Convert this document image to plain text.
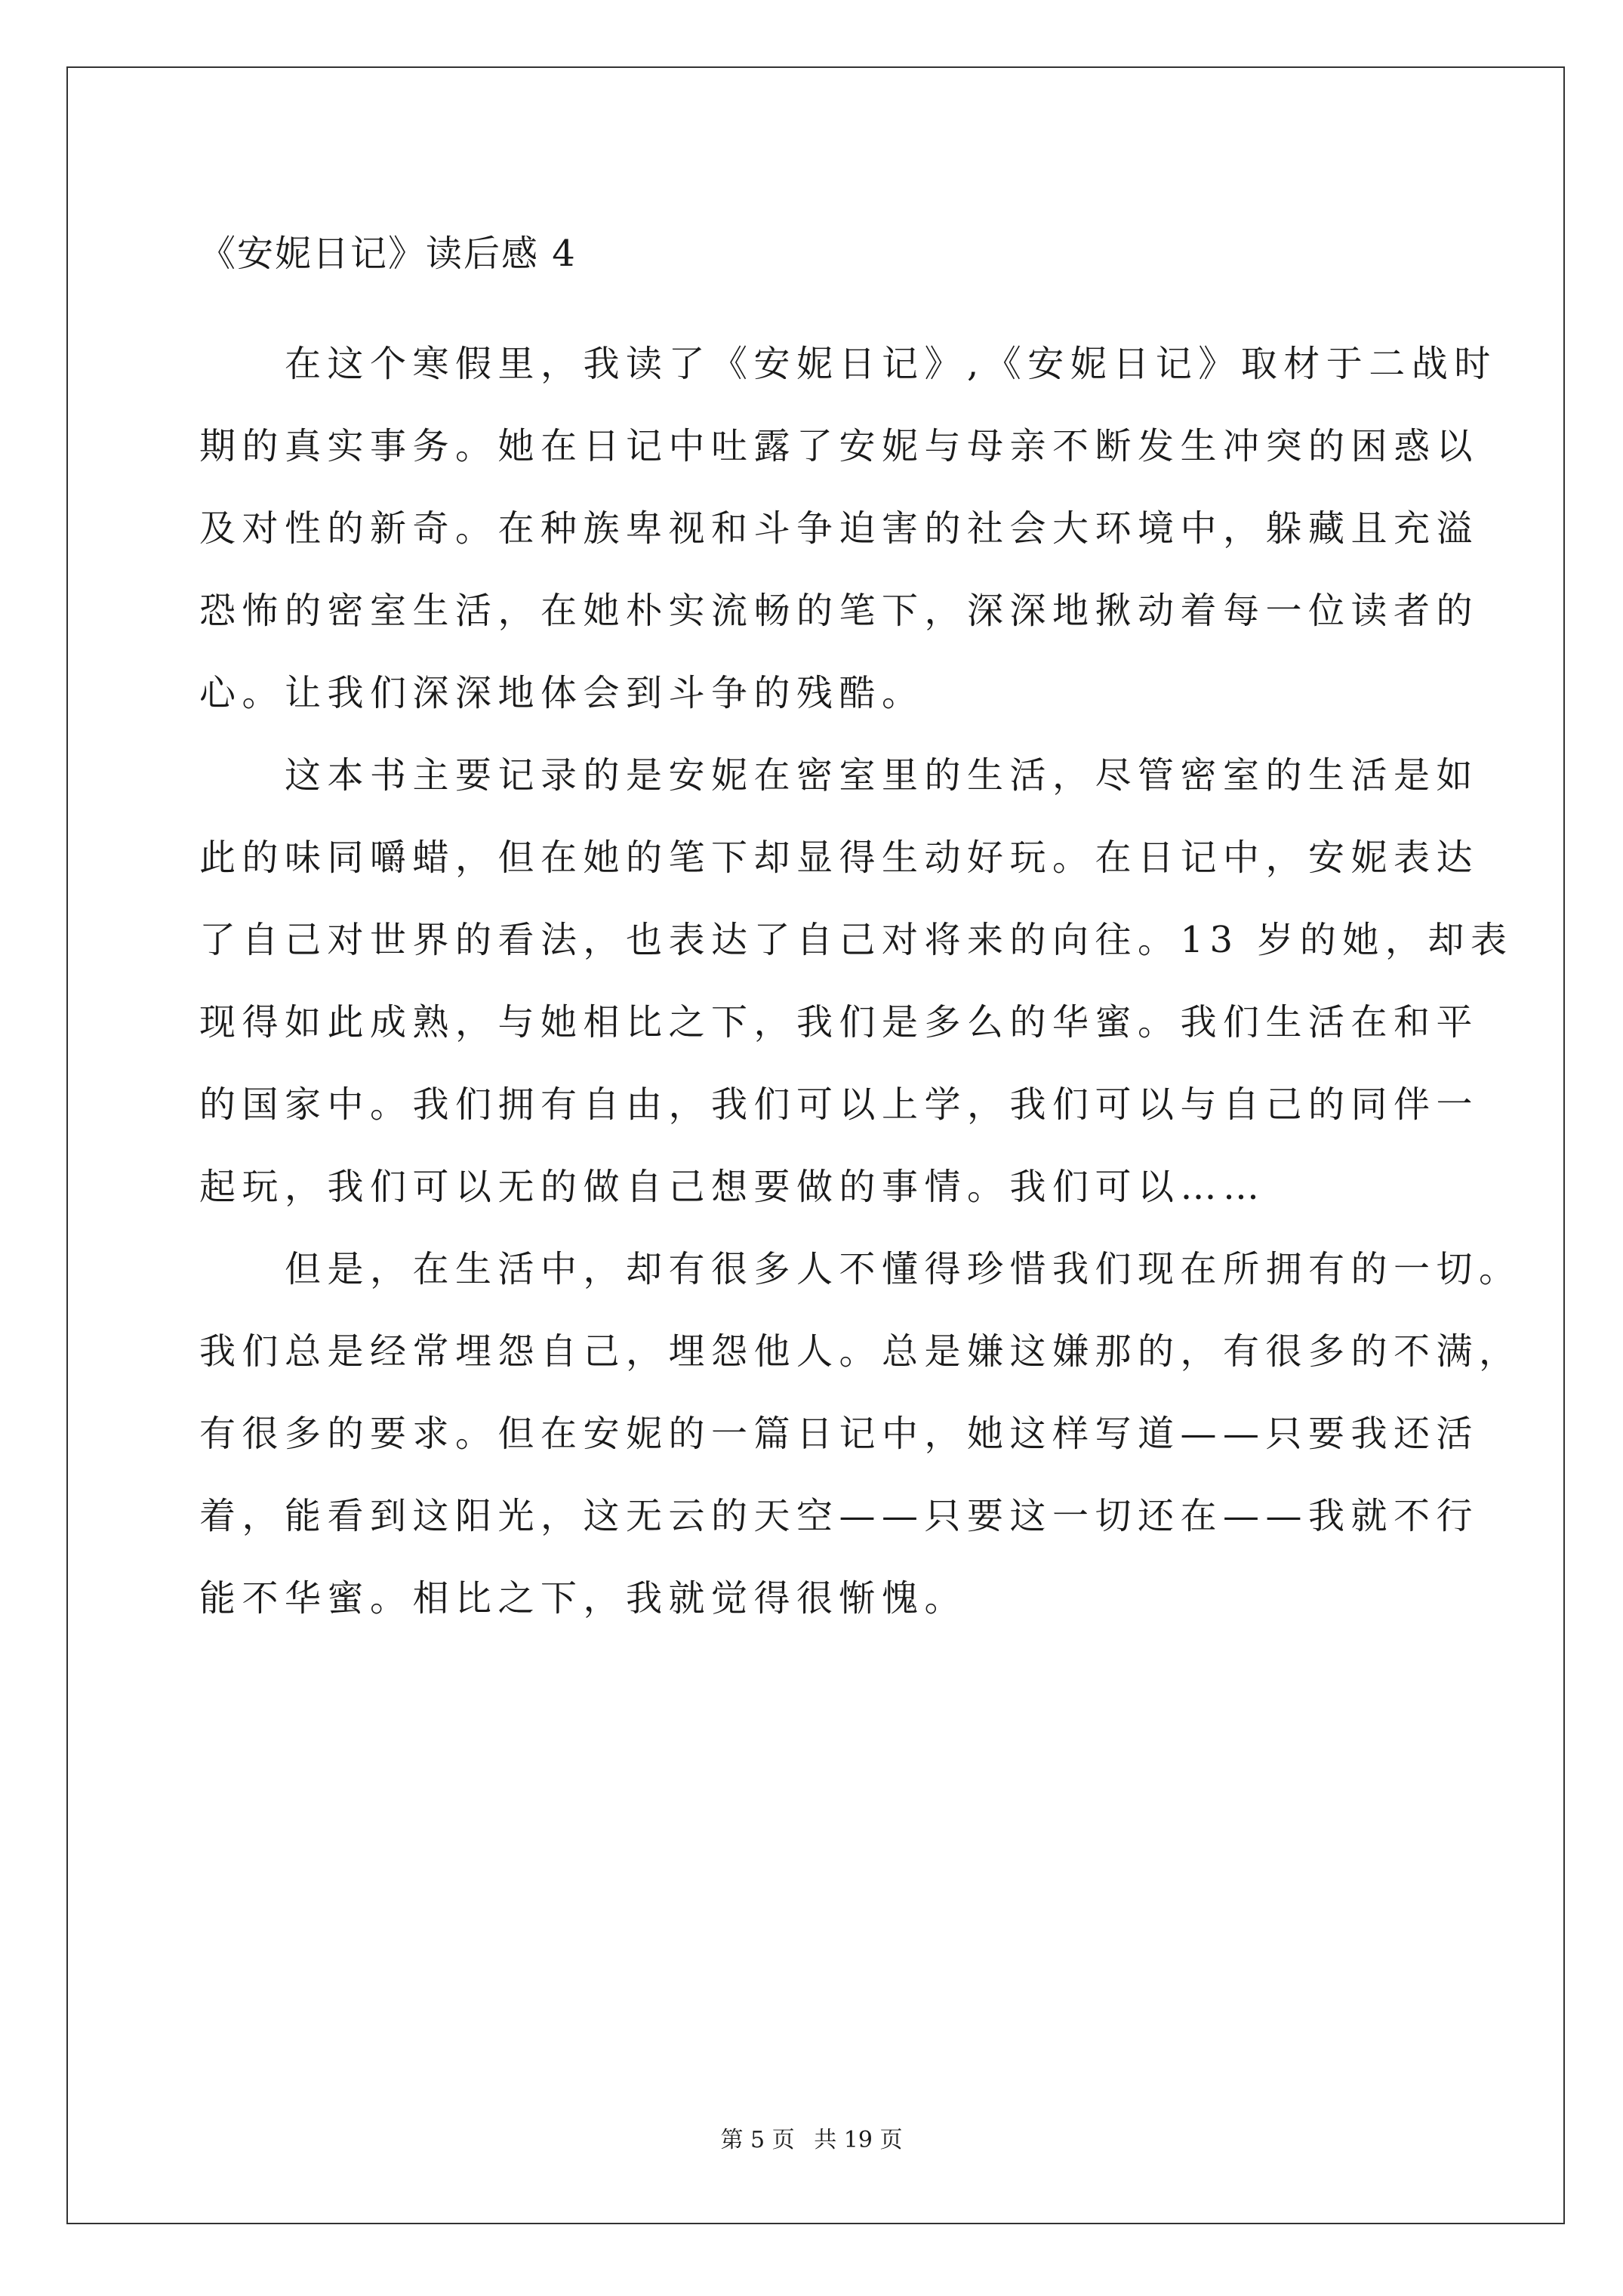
《安妮日记》读后感 4
　　在这个寒假里，我读了《安妮日记》,《安妮日记》取材于二战时
期的真实事务。她在日记中吐露了安妮与母亲不断发生冲突的困惑以
及对性的新奇。在种族卑视和斗争迫害的社会大环境中，躲藏且充溢
恐怖的密室生活，在她朴实流畅的笔下，深深地揪动着每一位读者的
心。让我们深深地体会到斗争的残酷。
　　这本书主要记录的是安妮在密室里的生活，尽管密室的生活是如
此的味同嚼蜡，但在她的笔下却显得生动好玩。在日记中，安妮表达
了自己对世界的看法，也表达了自己对将来的向往。13 岁的她，却表
现得如此成熟，与她相比之下，我们是多么的华蜜。我们生活在和平
的国家中。我们拥有自由，我们可以上学，我们可以与自己的同伴一
起玩，我们可以无的做自己想要做的事情。我们可以……
　　但是，在生活中，却有很多人不懂得珍惜我们现在所拥有的一切。
我们总是经常埋怨自己，埋怨他人。总是嫌这嫌那的，有很多的不满，
有很多的要求。但在安妮的一篇日记中，她这样写道——只要我还活
着，能看到这阳光，这无云的天空——只要这一切还在——我就不行
能不华蜜。相比之下，我就觉得很惭愧。
第 5 页 共 19 页
